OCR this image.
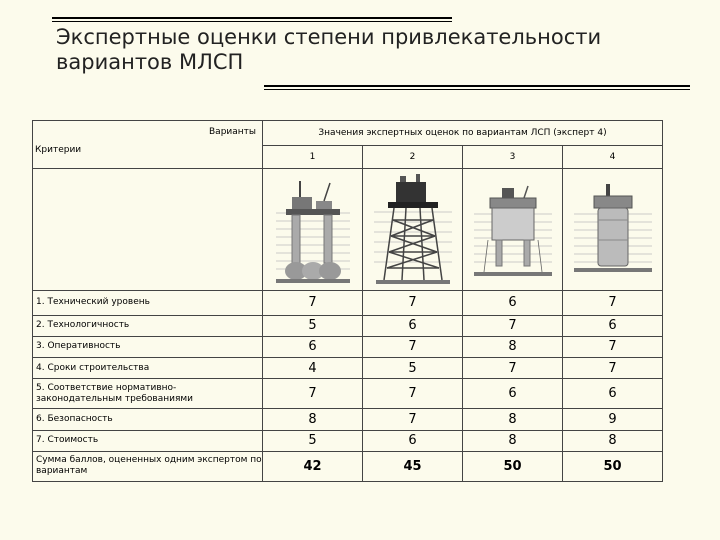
Экспертные оценки степени привлекательности вариантов МЛСП
Варианты
Критерии	Значения экспертных оценок по вариантам ЛСП (эксперт 4)			
	1	2	3	4

1. Технический уровень	7	7	6	7
2. Технологичность	5	6	7	6
3. Оперативность	6	7	8	7
4. Сроки строительства	4	5	7	7
5. Соответствие нормативно-законодательным требованиями	7	7	6	6
6. Безопасность	8	7	8	9
7. Стоимость	5	6	8	8
Сумма баллов, оцененных одним экспертом по вариантам	42	45	50	50
